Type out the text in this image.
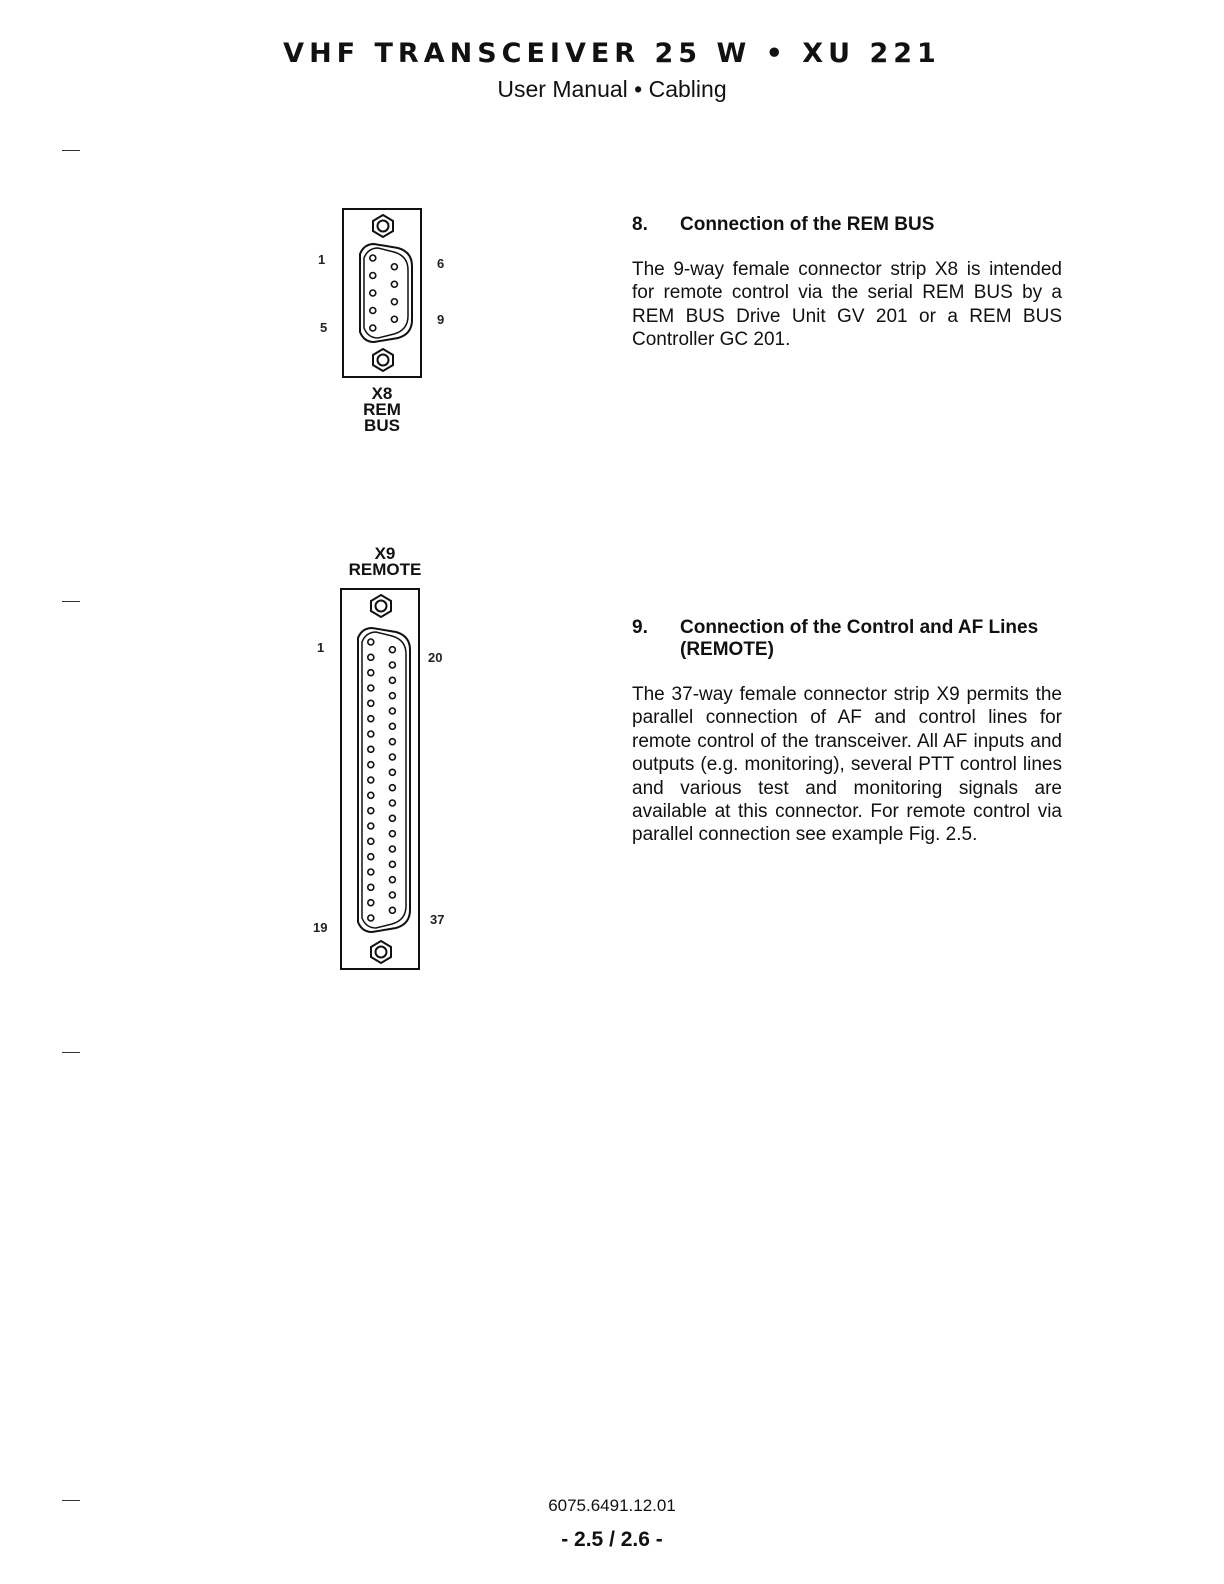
VHF TRANSCEIVER 25 W • XU 221
User Manual • Cabling
1
5
6
9
X8
REM
BUS
X9
REMOTE
1
19
20
37
8.	Connection of the REM BUS

The 9-way female connector strip X8 is intended for remote control via the serial REM BUS by a REM BUS Drive Unit GV 201 or a REM BUS Controller GC 201.

9.	Connection of the Control and AF Lines (REMOTE)

The 37-way female connector strip X9 permits the parallel connection of AF and control lines for remote control of the transceiver. All AF inputs and outputs (e.g. monitoring), several PTT control lines and various test and monitoring signals are available at this connector. For remote control via parallel connection see example Fig. 2.5.

6075.6491.12.01
- 2.5 / 2.6 -
